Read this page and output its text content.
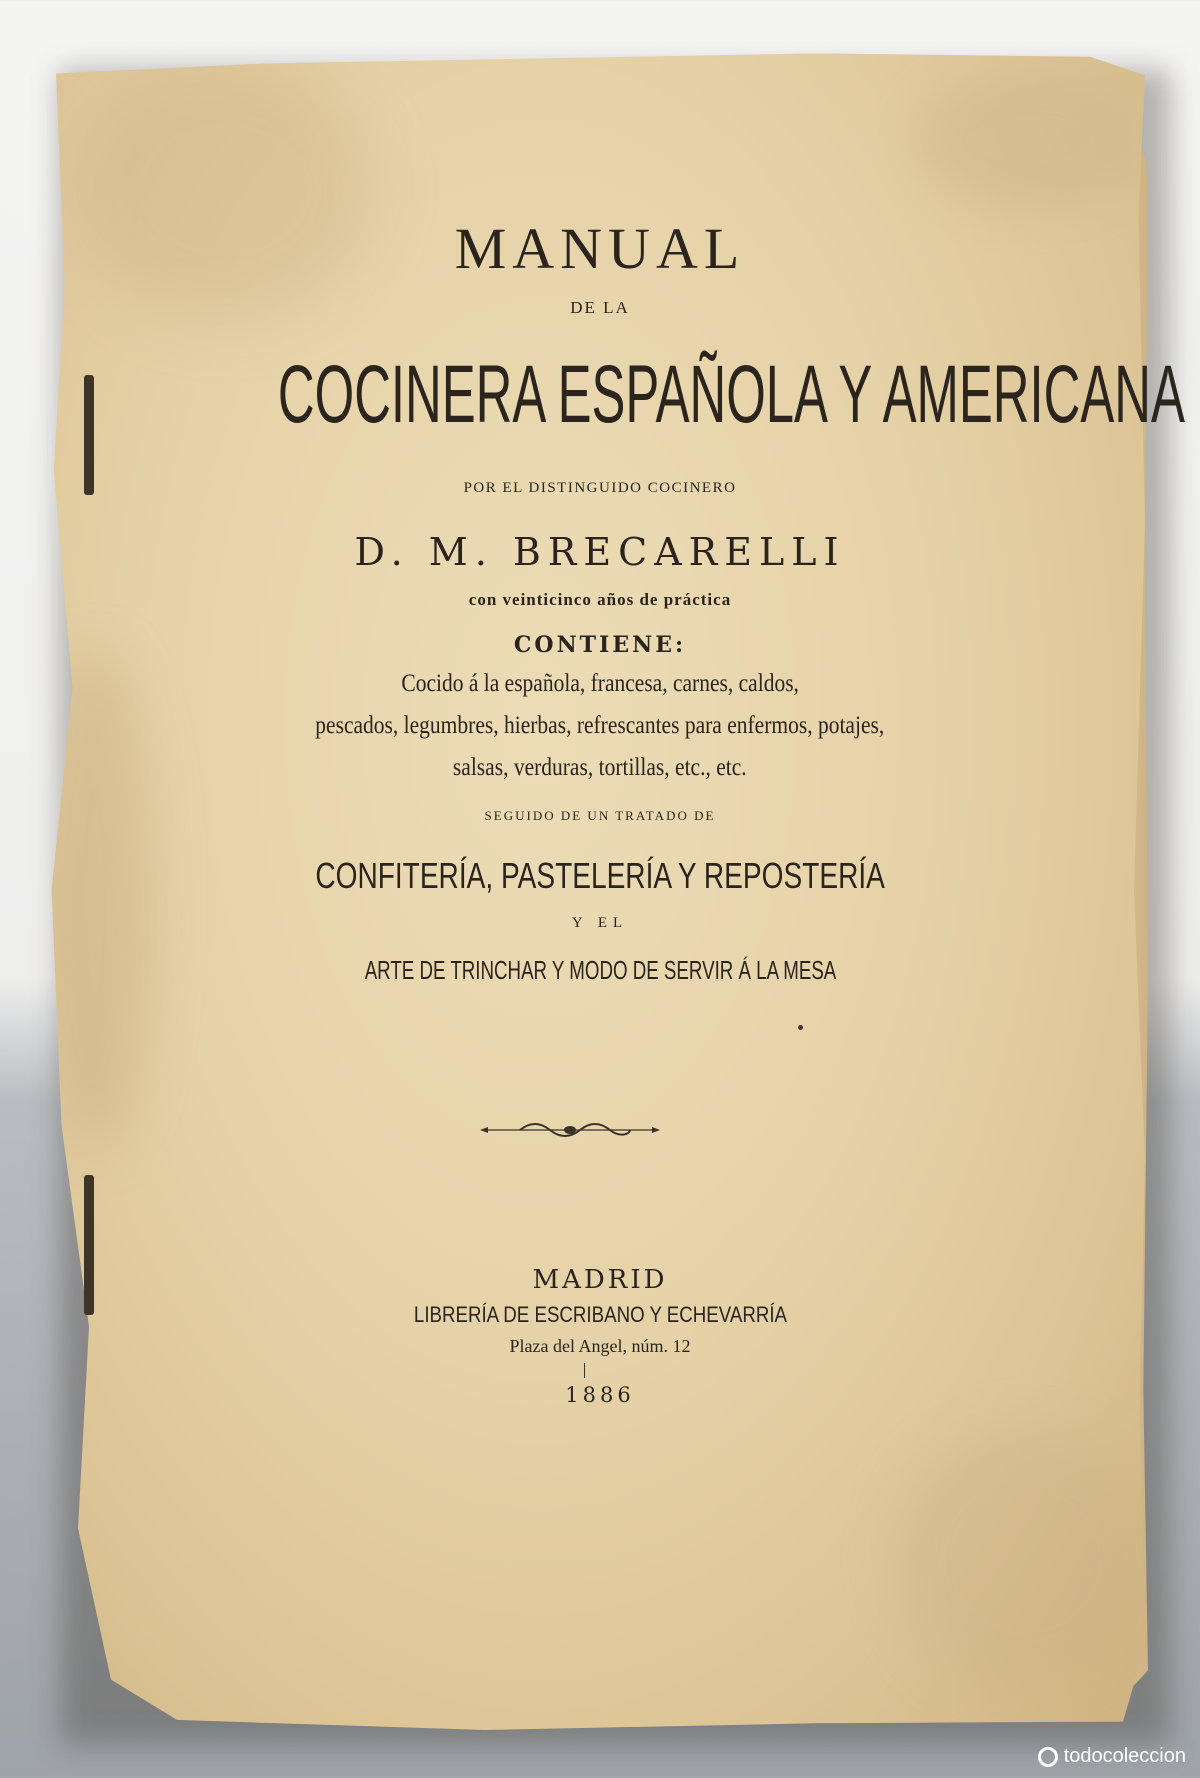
MANUAL
DE LA
COCINERA ESPAÑOLA Y AMERICANA
POR EL DISTINGUIDO COCINERO
D. M. BRECARELLI
con veinticinco años de práctica
CONTIENE:
Cocido á la española, francesa, carnes, caldos,
pescados, legumbres, hierbas, refrescantes para enfermos, potajes,
salsas, verduras, tortillas, etc., etc.
SEGUIDO DE UN TRATADO DE
CONFITERÍA, PASTELERÍA Y REPOSTERÍA
Y EL
ARTE DE TRINCHAR Y MODO DE SERVIR Á LA MESA
MADRID
LIBRERÍA DE ESCRIBANO Y ECHEVARRÍA
Plaza del Angel, núm. 12
1886
todocoleccion
